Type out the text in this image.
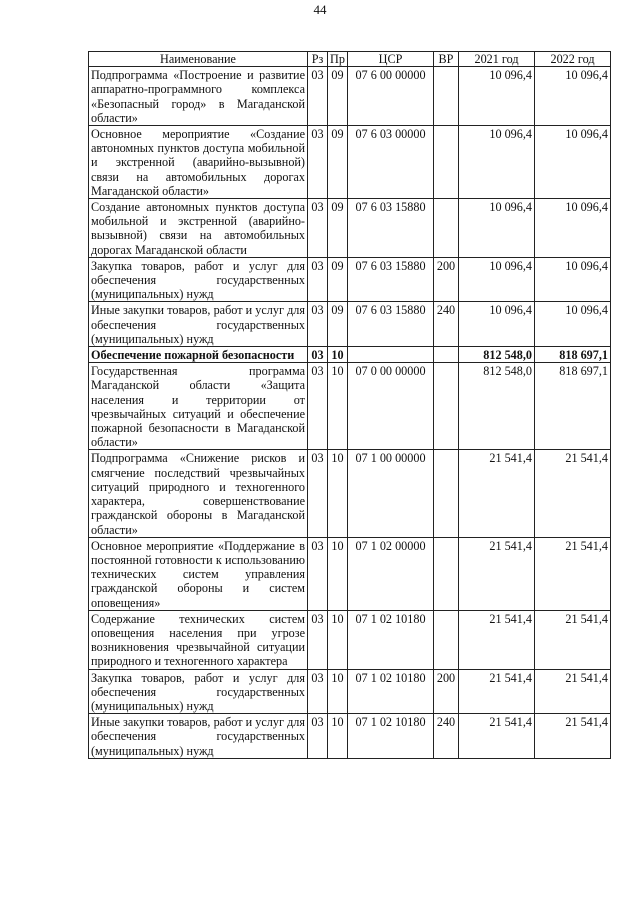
44
Наименование	Рз	Пр	ЦСР	ВР	2021 год	2022 год
Подпрограмма «Построение и развитие аппаратно-программного комплекса «Безопасный город» в Магаданской области»	03	09	07 6 00 00000		10 096,4	10 096,4
Основное мероприятие «Создание автономных пунктов доступа мобильной и экстренной (аварийно-вызывной) связи на автомобильных дорогах Магаданской области»	03	09	07 6 03 00000		10 096,4	10 096,4
Создание автономных пунктов доступа мобильной и экстренной (аварийно-вызывной) связи на автомобильных дорогах Магаданской области	03	09	07 6 03 15880		10 096,4	10 096,4
Закупка товаров, работ и услуг для обеспечения государственных (муниципальных) нужд	03	09	07 6 03 15880	200	10 096,4	10 096,4
Иные закупки товаров, работ и услуг для обеспечения государственных (муниципальных) нужд	03	09	07 6 03 15880	240	10 096,4	10 096,4
Обеспечение пожарной безопасности	03	10			812 548,0	818 697,1
Государственная программа Магаданской области «Защита населения и территории от чрезвычайных ситуаций и обеспечение пожарной безопасности в Магаданской области»	03	10	07 0 00 00000		812 548,0	818 697,1
Подпрограмма «Снижение рисков и смягчение последствий чрезвычайных ситуаций природного и техногенного характера, совершенствование гражданской обороны в Магаданской области»	03	10	07 1 00 00000		21 541,4	21 541,4
Основное мероприятие «Поддержание в постоянной готовности к использованию технических систем управления гражданской обороны и систем оповещения»	03	10	07 1 02 00000		21 541,4	21 541,4
Содержание технических систем оповещения населения при угрозе возникновения чрезвычайной ситуации природного и техногенного характера	03	10	07 1 02 10180		21 541,4	21 541,4
Закупка товаров, работ и услуг для обеспечения государственных (муниципальных) нужд	03	10	07 1 02 10180	200	21 541,4	21 541,4
Иные закупки товаров, работ и услуг для обеспечения государственных (муниципальных) нужд	03	10	07 1 02 10180	240	21 541,4	21 541,4
